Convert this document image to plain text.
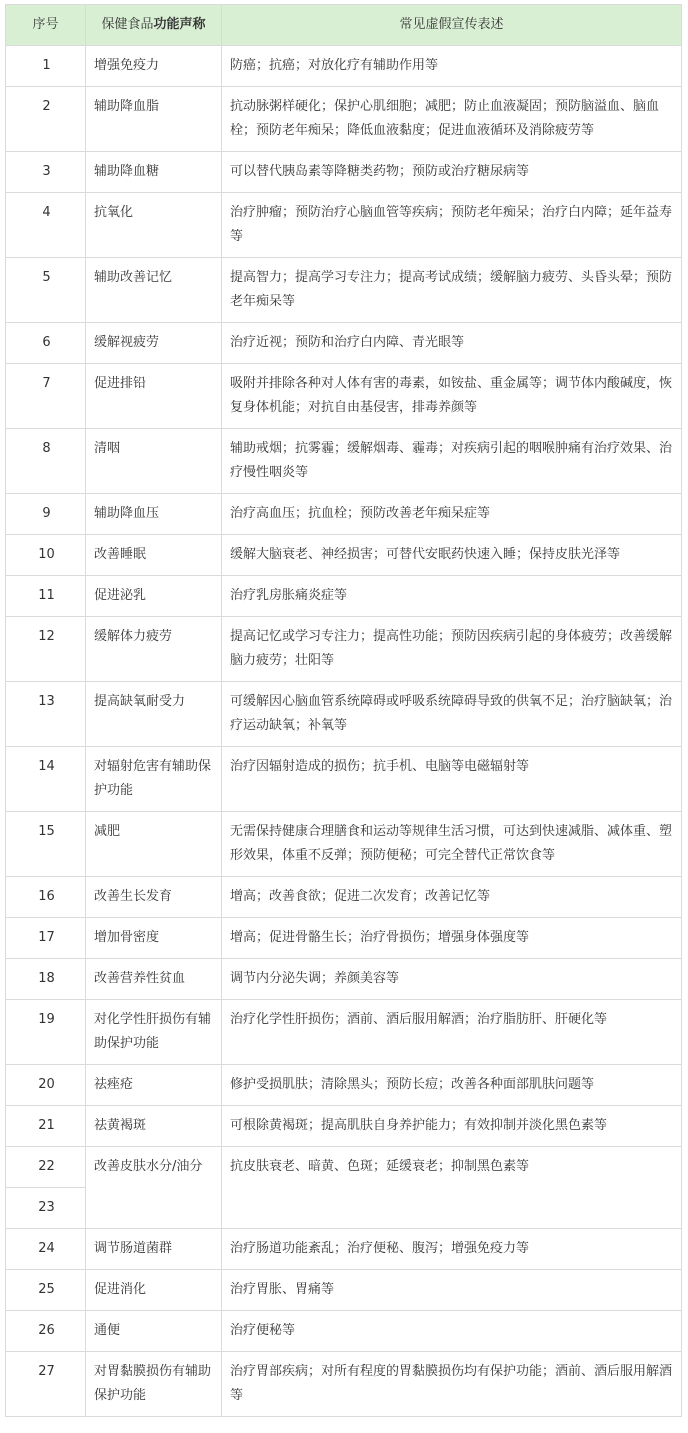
序号	保健食品功能声称	常见虚假宣传表述
1	增强免疫力	防癌；抗癌；对放化疗有辅助作用等
2	辅助降血脂	抗动脉粥样硬化；保护心肌细胞；减肥；防止血液凝固；预防脑溢血、脑血栓；预防老年痴呆；降低血液黏度；促进血液循环及消除疲劳等
3	辅助降血糖	可以替代胰岛素等降糖类药物；预防或治疗糖尿病等
4	抗氧化	治疗肿瘤；预防治疗心脑血管等疾病；预防老年痴呆；治疗白内障；延年益寿等
5	辅助改善记忆	提高智力；提高学习专注力；提高考试成绩；缓解脑力疲劳、头昏头晕；预防老年痴呆等
6	缓解视疲劳	治疗近视；预防和治疗白内障、青光眼等
7	促进排铅	吸附并排除各种对人体有害的毒素，如铵盐、重金属等；调节体内酸碱度，恢复身体机能；对抗自由基侵害，排毒养颜等
8	清咽	辅助戒烟；抗雾霾；缓解烟毒、霾毒；对疾病引起的咽喉肿痛有治疗效果、治疗慢性咽炎等
9	辅助降血压	治疗高血压；抗血栓；预防改善老年痴呆症等
10	改善睡眠	缓解大脑衰老、神经损害；可替代安眠药快速入睡；保持皮肤光泽等
11	促进泌乳	治疗乳房胀痛炎症等
12	缓解体力疲劳	提高记忆或学习专注力；提高性功能；预防因疾病引起的身体疲劳；改善缓解脑力疲劳；壮阳等
13	提高缺氧耐受力	可缓解因心脑血管系统障碍或呼吸系统障碍导致的供氧不足；治疗脑缺氧；治疗运动缺氧；补氧等
14	对辐射危害有辅助保护功能	治疗因辐射造成的损伤；抗手机、电脑等电磁辐射等
15	减肥	无需保持健康合理膳食和运动等规律生活习惯，可达到快速减脂、减体重、塑形效果，体重不反弹；预防便秘；可完全替代正常饮食等
16	改善生长发育	增高；改善食欲；促进二次发育；改善记忆等
17	增加骨密度	增高；促进骨骼生长；治疗骨损伤；增强身体强度等
18	改善营养性贫血	调节内分泌失调；养颜美容等
19	对化学性肝损伤有辅助保护功能	治疗化学性肝损伤；酒前、酒后服用解酒；治疗脂肪肝、肝硬化等
20	祛痤疮	修护受损肌肤；清除黑头；预防长痘；改善各种面部肌肤问题等
21	祛黄褐斑	可根除黄褐斑；提高肌肤自身养护能力；有效抑制并淡化黑色素等
22	改善皮肤水分/油分	抗皮肤衰老、暗黄、色斑；延缓衰老；抑制黑色素等
23		
24	调节肠道菌群	治疗肠道功能紊乱；治疗便秘、腹泻；增强免疫力等
25	促进消化	治疗胃胀、胃痛等
26	通便	治疗便秘等
27	对胃黏膜损伤有辅助保护功能	治疗胃部疾病；对所有程度的胃黏膜损伤均有保护功能；酒前、酒后服用解酒等
